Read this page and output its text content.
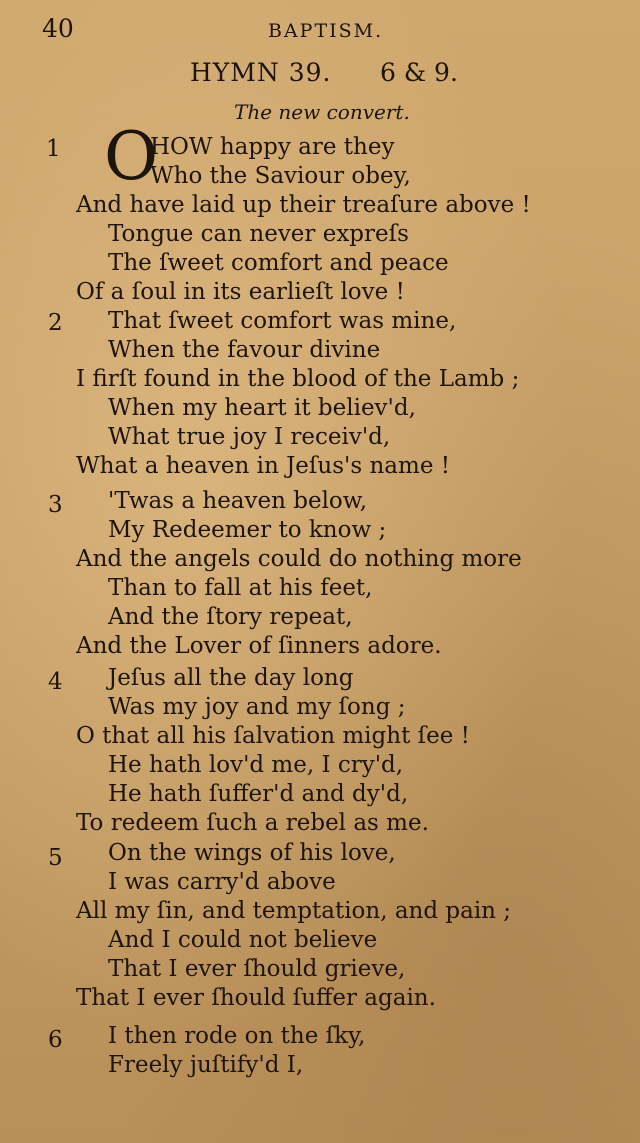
40	BAPTISM.
HYMN 39. 6 & 9.
The new convert.
1 O
HOW happy are they
Who the Saviour obey,
And have laid up their treaſure above !
Tongue can never expreſs
The ſweet comfort and peace
Of a ſoul in its earlieſt love !
2 That ſweet comfort was mine,
When the favour divine
I firſt found in the blood of the Lamb ;
When my heart it believ'd,
What true joy I receiv'd,
What a heaven in Jeſus's name !
3 'Twas a heaven below,
My Redeemer to know ;
And the angels could do nothing more
Than to fall at his feet,
And the ſtory repeat,
And the Lover of ſinners adore.
4 Jeſus all the day long
Was my joy and my ſong ;
O that all his ſalvation might ſee !
He hath lov'd me, I cry'd,
He hath ſuffer'd and dy'd,
To redeem ſuch a rebel as me.
5 On the wings of his love,
I was carry'd above
All my ſin, and temptation, and pain ;
And I could not believe
That I ever ſhould grieve,
That I ever ſhould ſuffer again.
6 I then rode on the ſky,
Freely juſtify'd I,
